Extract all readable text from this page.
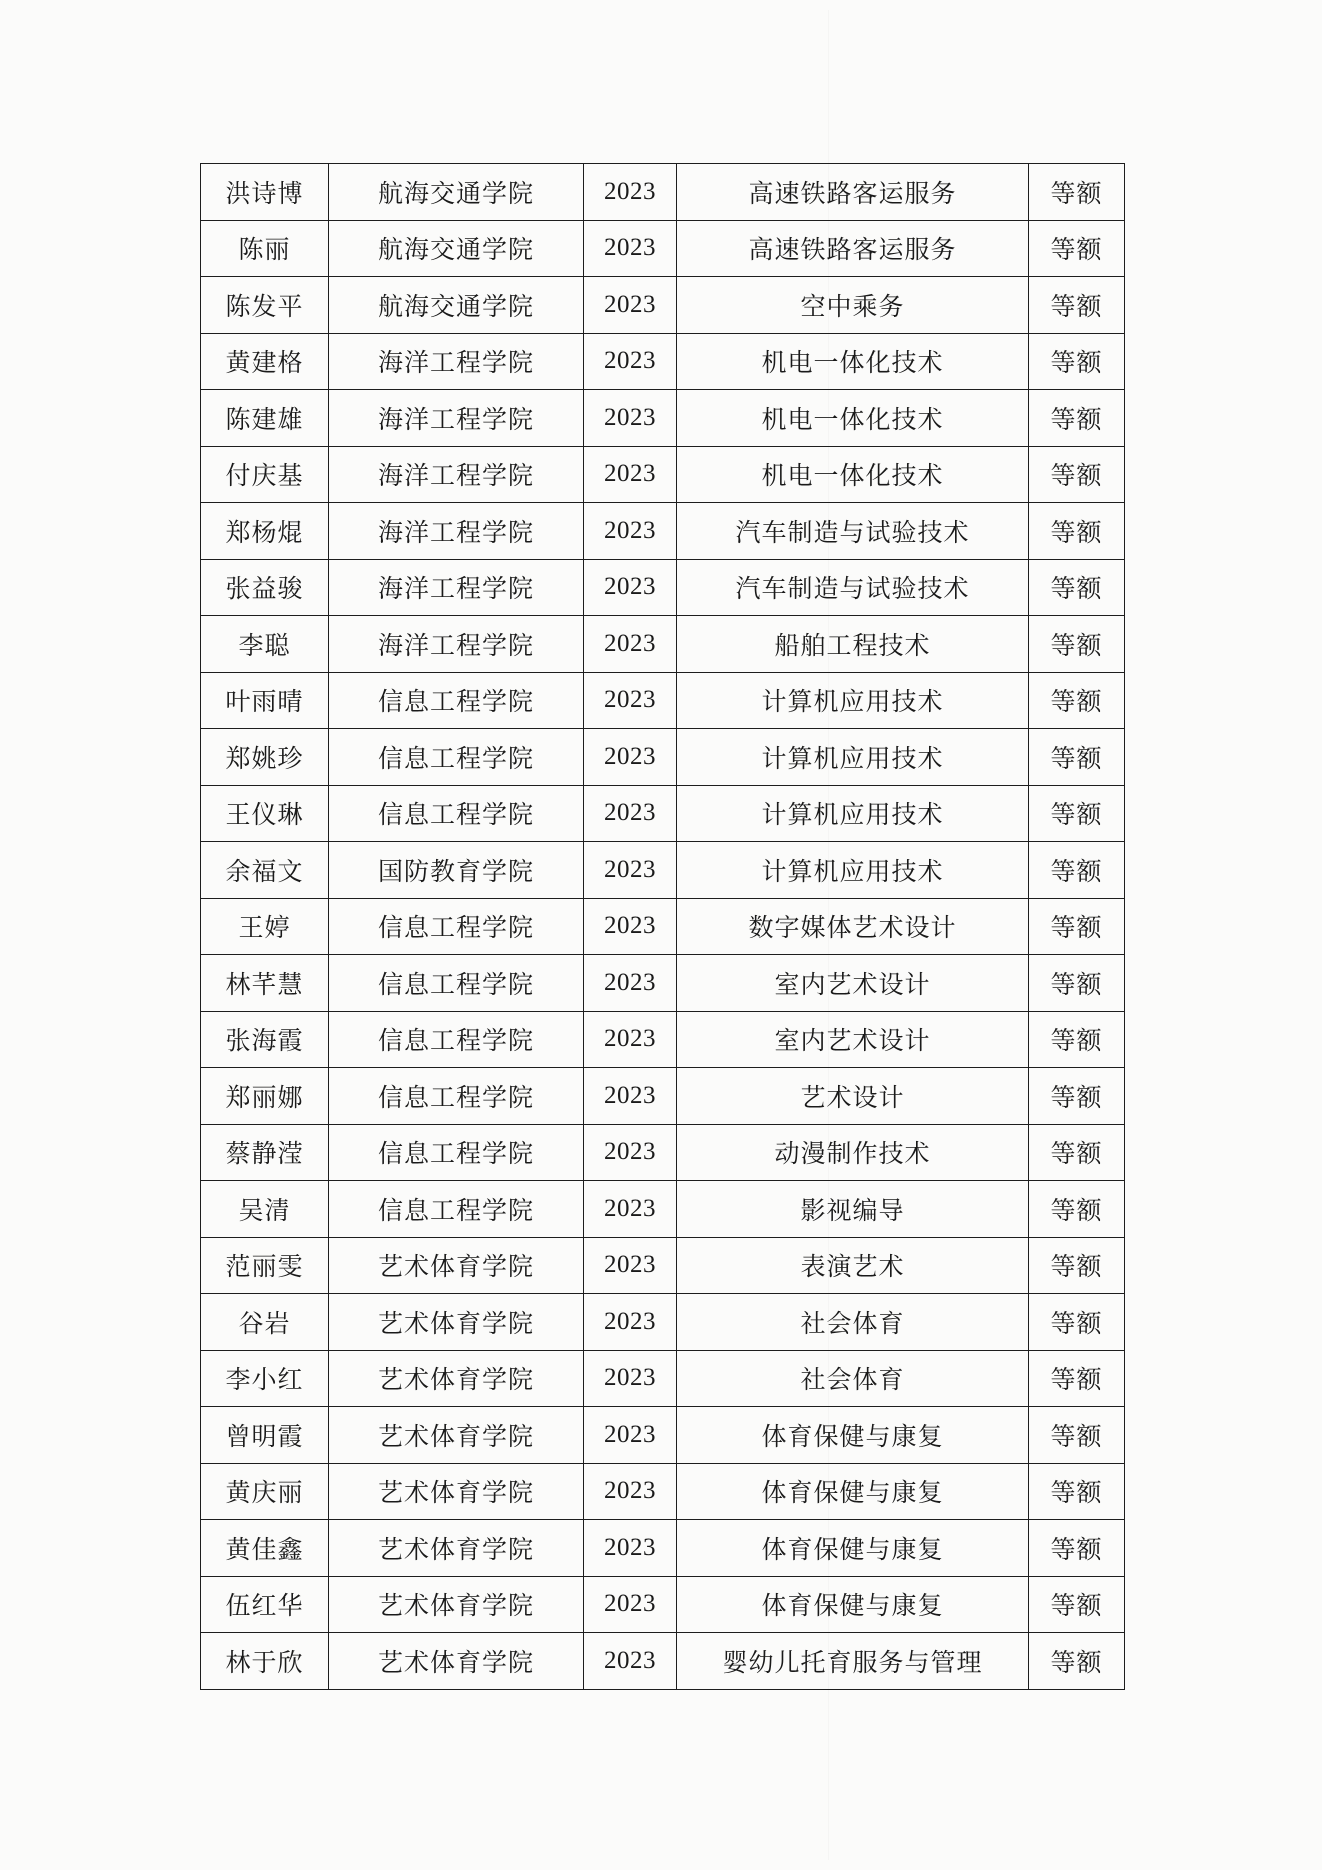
洪诗博	航海交通学院	2023	高速铁路客运服务	等额
陈丽	航海交通学院	2023	高速铁路客运服务	等额
陈发平	航海交通学院	2023	空中乘务	等额
黄建格	海洋工程学院	2023	机电一体化技术	等额
陈建雄	海洋工程学院	2023	机电一体化技术	等额
付庆基	海洋工程学院	2023	机电一体化技术	等额
郑杨焜	海洋工程学院	2023	汽车制造与试验技术	等额
张益骏	海洋工程学院	2023	汽车制造与试验技术	等额
李聪	海洋工程学院	2023	船舶工程技术	等额
叶雨晴	信息工程学院	2023	计算机应用技术	等额
郑姚珍	信息工程学院	2023	计算机应用技术	等额
王仪琳	信息工程学院	2023	计算机应用技术	等额
余福文	国防教育学院	2023	计算机应用技术	等额
王婷	信息工程学院	2023	数字媒体艺术设计	等额
林芊慧	信息工程学院	2023	室内艺术设计	等额
张海霞	信息工程学院	2023	室内艺术设计	等额
郑丽娜	信息工程学院	2023	艺术设计	等额
蔡静滢	信息工程学院	2023	动漫制作技术	等额
吴清	信息工程学院	2023	影视编导	等额
范丽雯	艺术体育学院	2023	表演艺术	等额
谷岩	艺术体育学院	2023	社会体育	等额
李小红	艺术体育学院	2023	社会体育	等额
曾明霞	艺术体育学院	2023	体育保健与康复	等额
黄庆丽	艺术体育学院	2023	体育保健与康复	等额
黄佳鑫	艺术体育学院	2023	体育保健与康复	等额
伍红华	艺术体育学院	2023	体育保健与康复	等额
林于欣	艺术体育学院	2023	婴幼儿托育服务与管理	等额
